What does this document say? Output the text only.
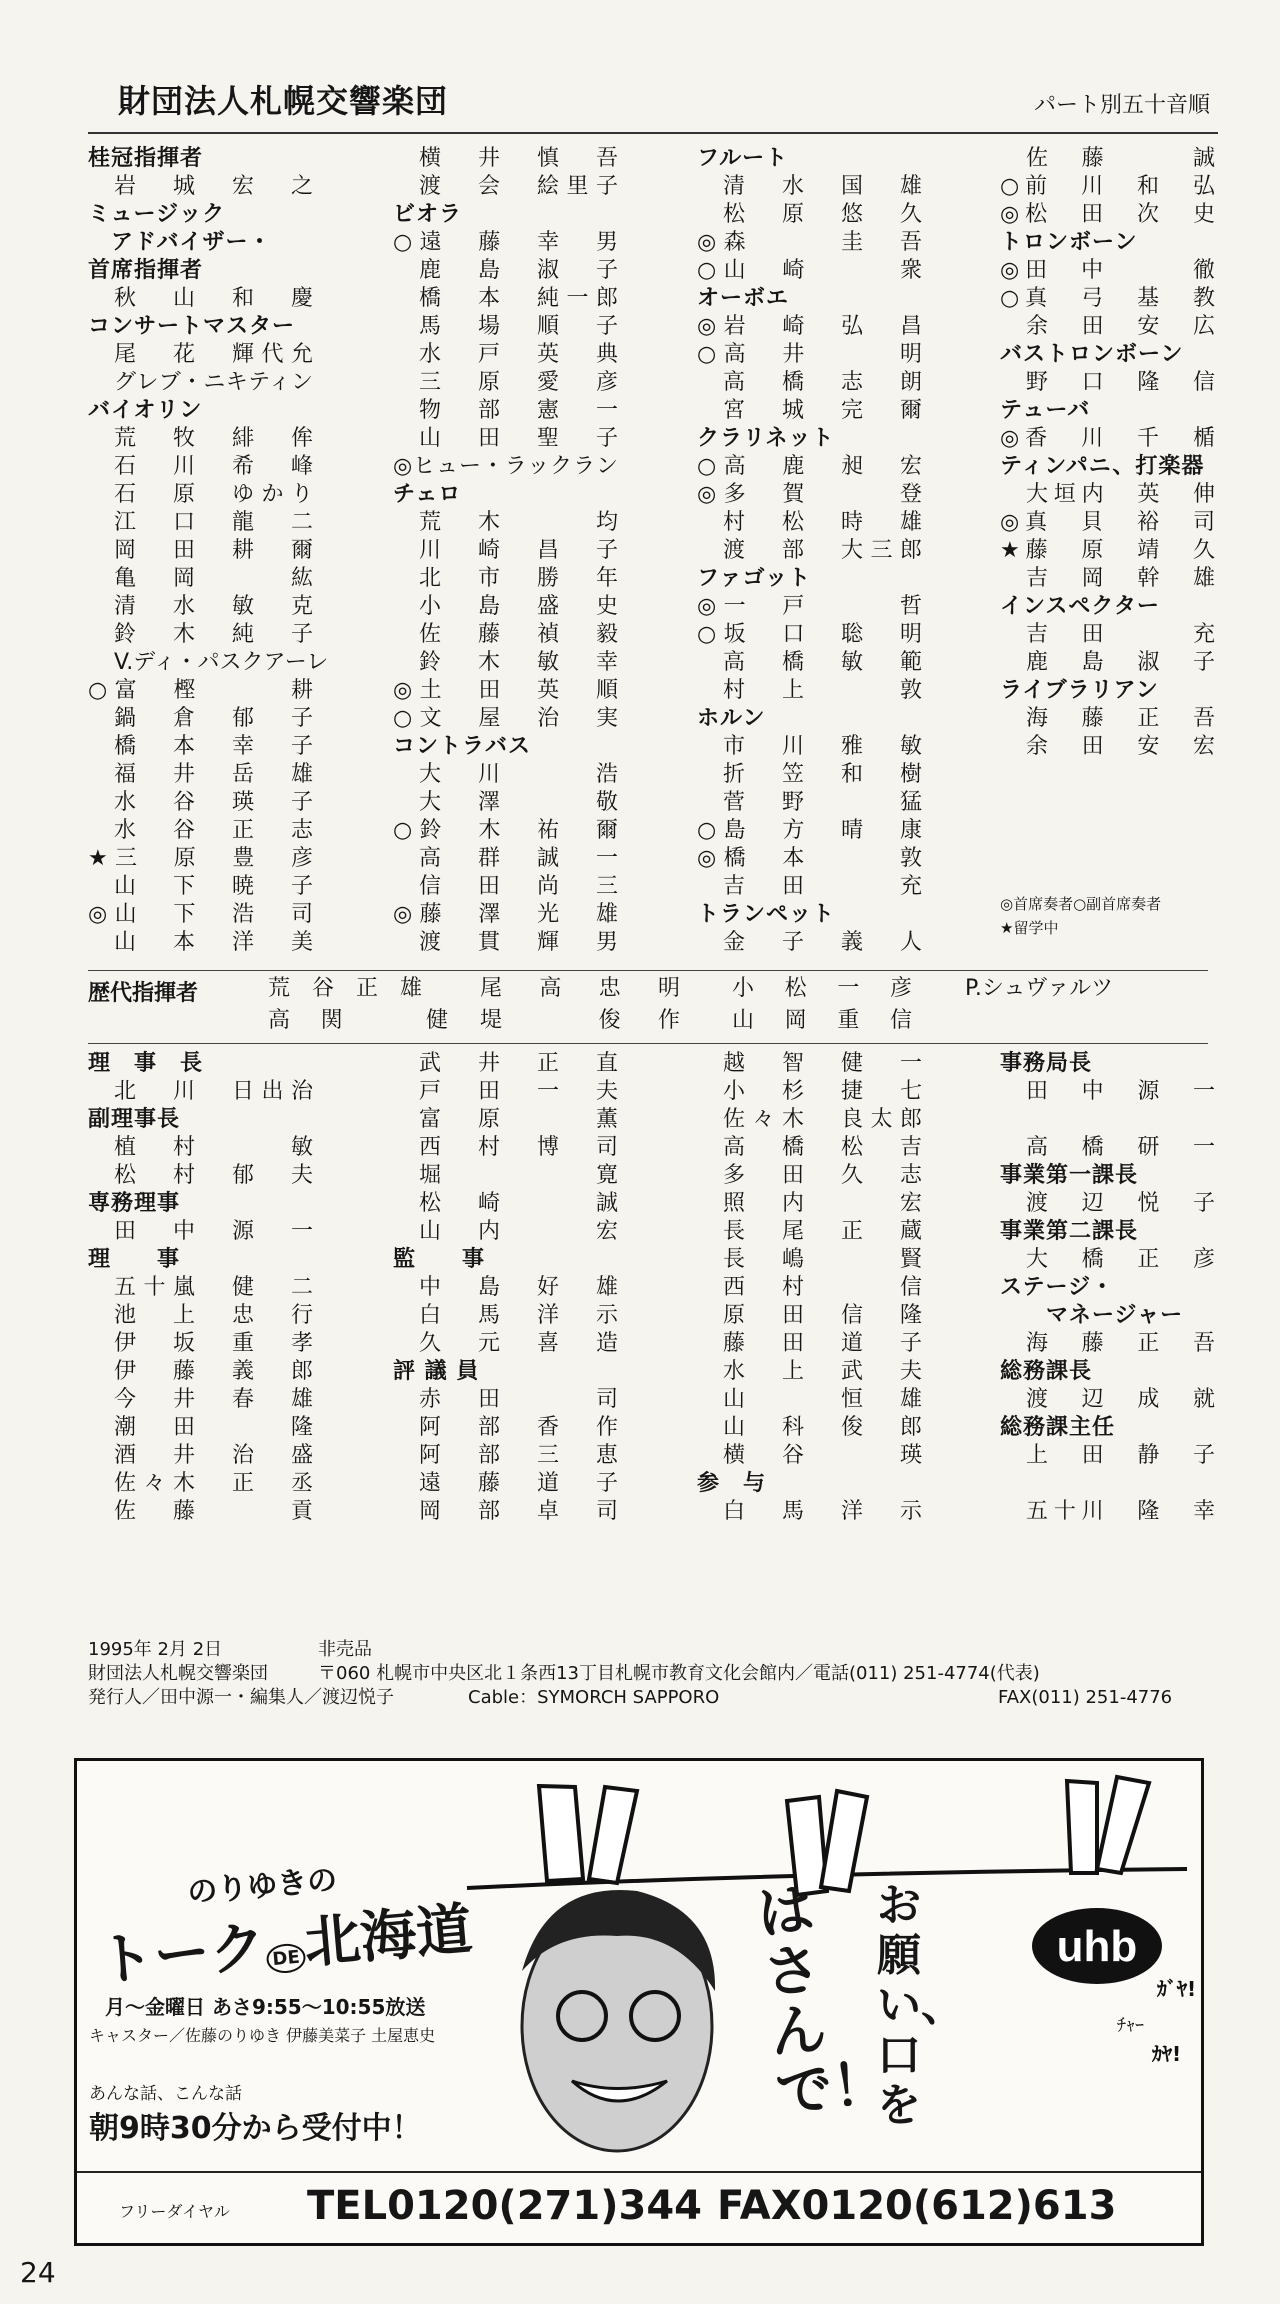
財団法人札幌交響楽団	パート別五十音順
桂冠指揮者
岩　城　宏　之
ミュージック
　アドバイザー・
首席指揮者
秋　山　和　慶
コンサートマスター
尾　花　輝代允
グレブ・ニキティン
バイオリン
荒　牧　緋　侔
石　川　希　峰
石　原　ゆかり
江　口　龍　二
岡　田　耕　爾
亀　岡　　　紘
清　水　敏　克
鈴　木　純　子
V.ディ・パスクアーレ
○富　樫　　　耕
鍋　倉　郁　子
橋　本　幸　子
福　井　岳　雄
水　谷　瑛　子
水　谷　正　志
★三　原　豊　彦
山　下　暁　子
◎山　下　浩　司
山　本　洋　美
横　井　慎　吾
渡　会　絵里子
ビオラ
○遠　藤　幸　男
鹿　島　淑　子
橋　本　純一郎
馬　場　順　子
水　戸　英　典
三　原　愛　彦
物　部　憲　一
山　田　聖　子
◎ヒュー・ラックラン
チェロ
荒　木　　　均
川　崎　昌　子
北　市　勝　年
小　島　盛　史
佐　藤　禎　毅
鈴　木　敏　幸
◎土　田　英　順
○文　屋　治　実
コントラバス
大　川　　　浩
大　澤　　　敬
○鈴　木　祐　爾
高　群　誠　一
信　田　尚　三
◎藤　澤　光　雄
渡　貫　輝　男
フルート
清　水　国　雄
松　原　悠　久
◎森　　　圭　吾
○山　崎　　　衆
オーボエ
◎岩　崎　弘　昌
○高　井　　　明
高　橋　志　朗
宮　城　完　爾
クラリネット
○高　鹿　昶　宏
◎多　賀　　　登
村　松　時　雄
渡　部　大三郎
ファゴット
◎一　戸　　　哲
○坂　口　聡　明
高　橋　敏　範
村　上　　　敦
ホルン
市　川　雅　敏
折　笠　和　樹
菅　野　　　猛
○島　方　晴　康
◎橋　本　　　敦
吉　田　　　充
トランペット
金　子　義　人
佐　藤　　　誠
○前　川　和　弘
◎松　田　次　史
トロンボーン
◎田　中　　　徹
○真　弓　基　教
余　田　安　広
バストロンボーン
野　口　隆　信
テューバ
◎香　川　千　楯
ティンパニ、打楽器
大垣内　英　伸
◎真　貝　裕　司
★藤　原　靖　久
吉　岡　幹　雄
インスペクター
吉　田　　　充
鹿　島　淑　子
ライブラリアン
海　藤　正　吾
余　田　安　宏
◎首席奏者○副首席奏者
★留学中
歴代指揮者	荒　谷　正　雄	尾　高　忠　明 小　松　一　彦 P.シュヴァルツ
高　関　　　健 堤　　　俊　作 山　岡　重　信
理　事　長
北　川　日出治
副理事長
植　村　　　敏
松　村　郁　夫
専務理事
田　中　源　一
理　　事
五十嵐　健　二
池　上　忠　行
伊　坂　重　孝
伊　藤　義　郎
今　井　春　雄
潮　田　　　隆
酒　井　治　盛
佐々木　正　丞
佐　藤　　　貢
武　井　正　直
戸　田　一　夫
富　原　　　薫
西　村　博　司
堀　　　　　寛
松　崎　　　誠
山　内　　　宏
監　　事
中　島　好　雄
白　馬　洋　示
久　元　喜　造
評 議 員
赤　田　　　司
阿　部　香　作
阿　部　三　恵
遠　藤　道　子
岡　部　卓　司
越　智　健　一
小　杉　捷　七
佐々木　良太郎
高　橋　松　吉
多　田　久　志
照　内　　　宏
長　尾　正　蔵
長　嶋　　　賢
西　村　　　信
原　田　信　隆
藤　田　道　子
水　上　武　夫
山　　　恒　雄
山　科　俊　郎
横　谷　　　瑛
参　与
白　馬　洋　示
事務局長
田　中　源　一
高　橋　研　一
事業第一課長
渡　辺　悦　子
事業第二課長
大　橋　正　彦
ステージ・
　　マネージャー
海　藤　正　吾
総務課長
渡　辺　成　就
総務課主任
上　田　静　子
五十川　隆　幸
1995年 2月 2日	非売品
財団法人札幌交響楽団	〒060 札幌市中央区北１条西13丁目札幌市教育文化会館内／電話(011) 251-4774(代表)
発行人／田中源一・編集人／渡辺悦子	Cable：SYMORCH SAPPORO	FAX(011) 251-4776
uhb
ｶﾞﾔ!
ﾁｬｰ
ｶﾔ!
のりゆきの
トーク DE北海道
月～金曜日 あさ9:55～10:55放送
キャスター／佐藤のりゆき 伊藤美菜子 土屋恵史
あんな話、こんな話
朝9時30分から受付中！
はさんで！
お願い、口を
フリーダイヤル TEL0120(271)344 FAX0120(612)613
24
